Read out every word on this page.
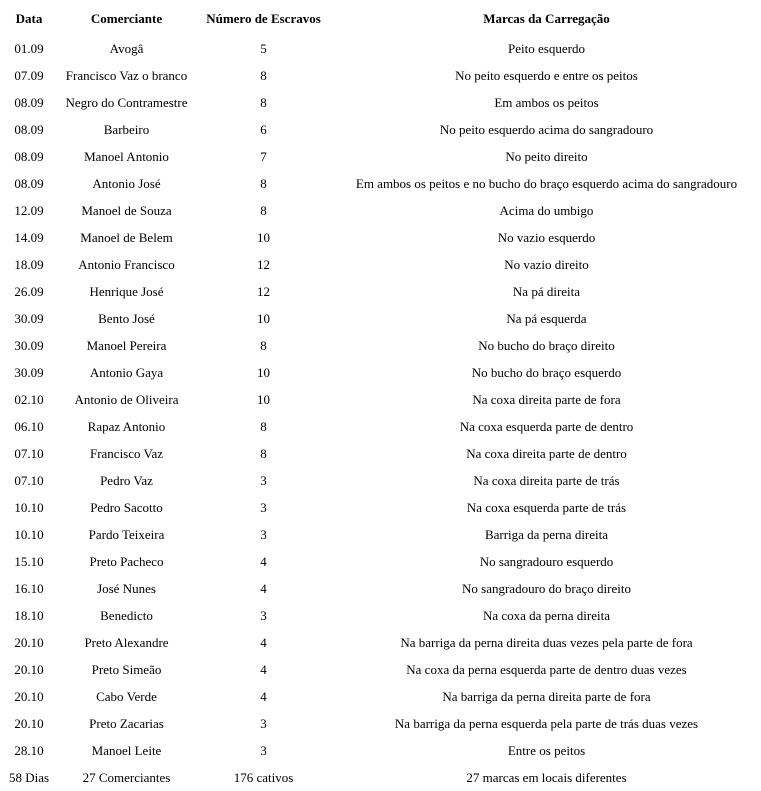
Data	Comerciante	Número de Escravos	Marcas da Carregação
01.09	Avogâ	5	Peito esquerdo
07.09	Francisco Vaz o branco	8	No peito esquerdo e entre os peitos
08.09	Negro do Contramestre	8	Em ambos os peitos
08.09	Barbeiro	6	No peito esquerdo acima do sangradouro
08.09	Manoel Antonio	7	No peito direito
08.09	Antonio José	8	Em ambos os peitos e no bucho do braço esquerdo acima do sangradouro
12.09	Manoel de Souza	8	Acima do umbigo
14.09	Manoel de Belem	10	No vazio esquerdo
18.09	Antonio Francisco	12	No vazio direito
26.09	Henrique José	12	Na pá direita
30.09	Bento José	10	Na pá esquerda
30.09	Manoel Pereira	8	No bucho do braço direito
30.09	Antonio Gaya	10	No bucho do braço esquerdo
02.10	Antonio de Oliveira	10	Na coxa direita parte de fora
06.10	Rapaz Antonio	8	Na coxa esquerda parte de dentro
07.10	Francisco Vaz	8	Na coxa direita parte de dentro
07.10	Pedro Vaz	3	Na coxa direita parte de trás
10.10	Pedro Sacotto	3	Na coxa esquerda parte de trás
10.10	Pardo Teixeira	3	Barriga da perna direita
15.10	Preto Pacheco	4	No sangradouro esquerdo
16.10	José Nunes	4	No sangradouro do braço direito
18.10	Benedicto	3	Na coxa da perna direita
20.10	Preto Alexandre	4	Na barriga da perna direita duas vezes pela parte de fora
20.10	Preto Simeão	4	Na coxa da perna esquerda parte de dentro duas vezes
20.10	Cabo Verde	4	Na barriga da perna direita parte de fora
20.10	Preto Zacarias	3	Na barriga da perna esquerda pela parte de trás duas vezes
28.10	Manoel Leite	3	Entre os peitos
58 Dias	27 Comerciantes	176 cativos	27 marcas em locais diferentes
